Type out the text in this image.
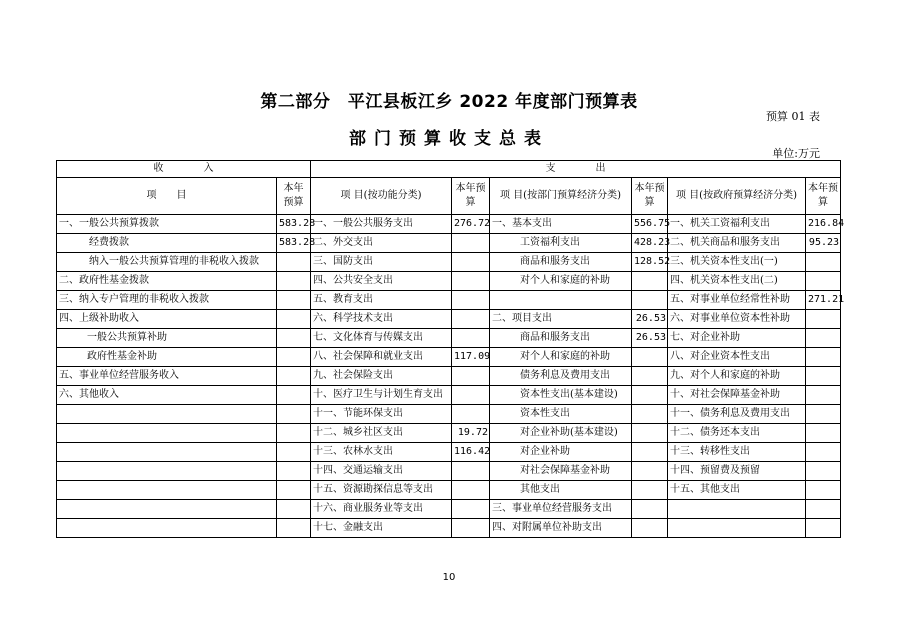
第二部分　平江县板江乡 2022 年度部门预算表
预算 01 表
部门预算收支总表
单位:万元
收　　　　入		支　　　　出					
项　　目	本年预算	项 目(按功能分类)	本年预算	项 目(按部门预算经济分类)	本年预算	项 目(按政府预算经济分类)	本年预算
一、一般公共预算拨款	583.28	一、一般公共服务支出	276.72	一、基本支出	556.75	一、机关工资福利支出	216.84
经费拨款	583.28	二、外交支出		工资福利支出	428.23	二、机关商品和服务支出	95.23
纳入一般公共预算管理的非税收入拨款		三、国防支出		商品和服务支出	128.52	三、机关资本性支出(一)	
二、政府性基金拨款		四、公共安全支出		对个人和家庭的补助		四、机关资本性支出(二)	
三、纳入专户管理的非税收入拨款		五、教育支出				五、对事业单位经常性补助	271.21
四、上级补助收入		六、科学技术支出		二、项目支出	26.53	六、对事业单位资本性补助	
一般公共预算补助		七、文化体育与传媒支出		商品和服务支出	26.53	七、对企业补助	
政府性基金补助		八、社会保障和就业支出	117.09	对个人和家庭的补助		八、对企业资本性支出	
五、事业单位经营服务收入		九、社会保险支出		债务利息及费用支出		九、对个人和家庭的补助	
六、其他收入		十、医疗卫生与计划生育支出		资本性支出(基本建设)		十、对社会保障基金补助	
		十一、节能环保支出		资本性支出		十一、债务利息及费用支出	
		十二、城乡社区支出	19.72	对企业补助(基本建设)		十二、债务还本支出	
		十三、农林水支出	116.42	对企业补助		十三、转移性支出	
		十四、交通运输支出		对社会保障基金补助		十四、预留费及预留	
		十五、资源勘探信息等支出		其他支出		十五、其他支出	
		十六、商业服务业等支出		三、事业单位经营服务支出			
		十七、金融支出		四、对附属单位补助支出			
10
